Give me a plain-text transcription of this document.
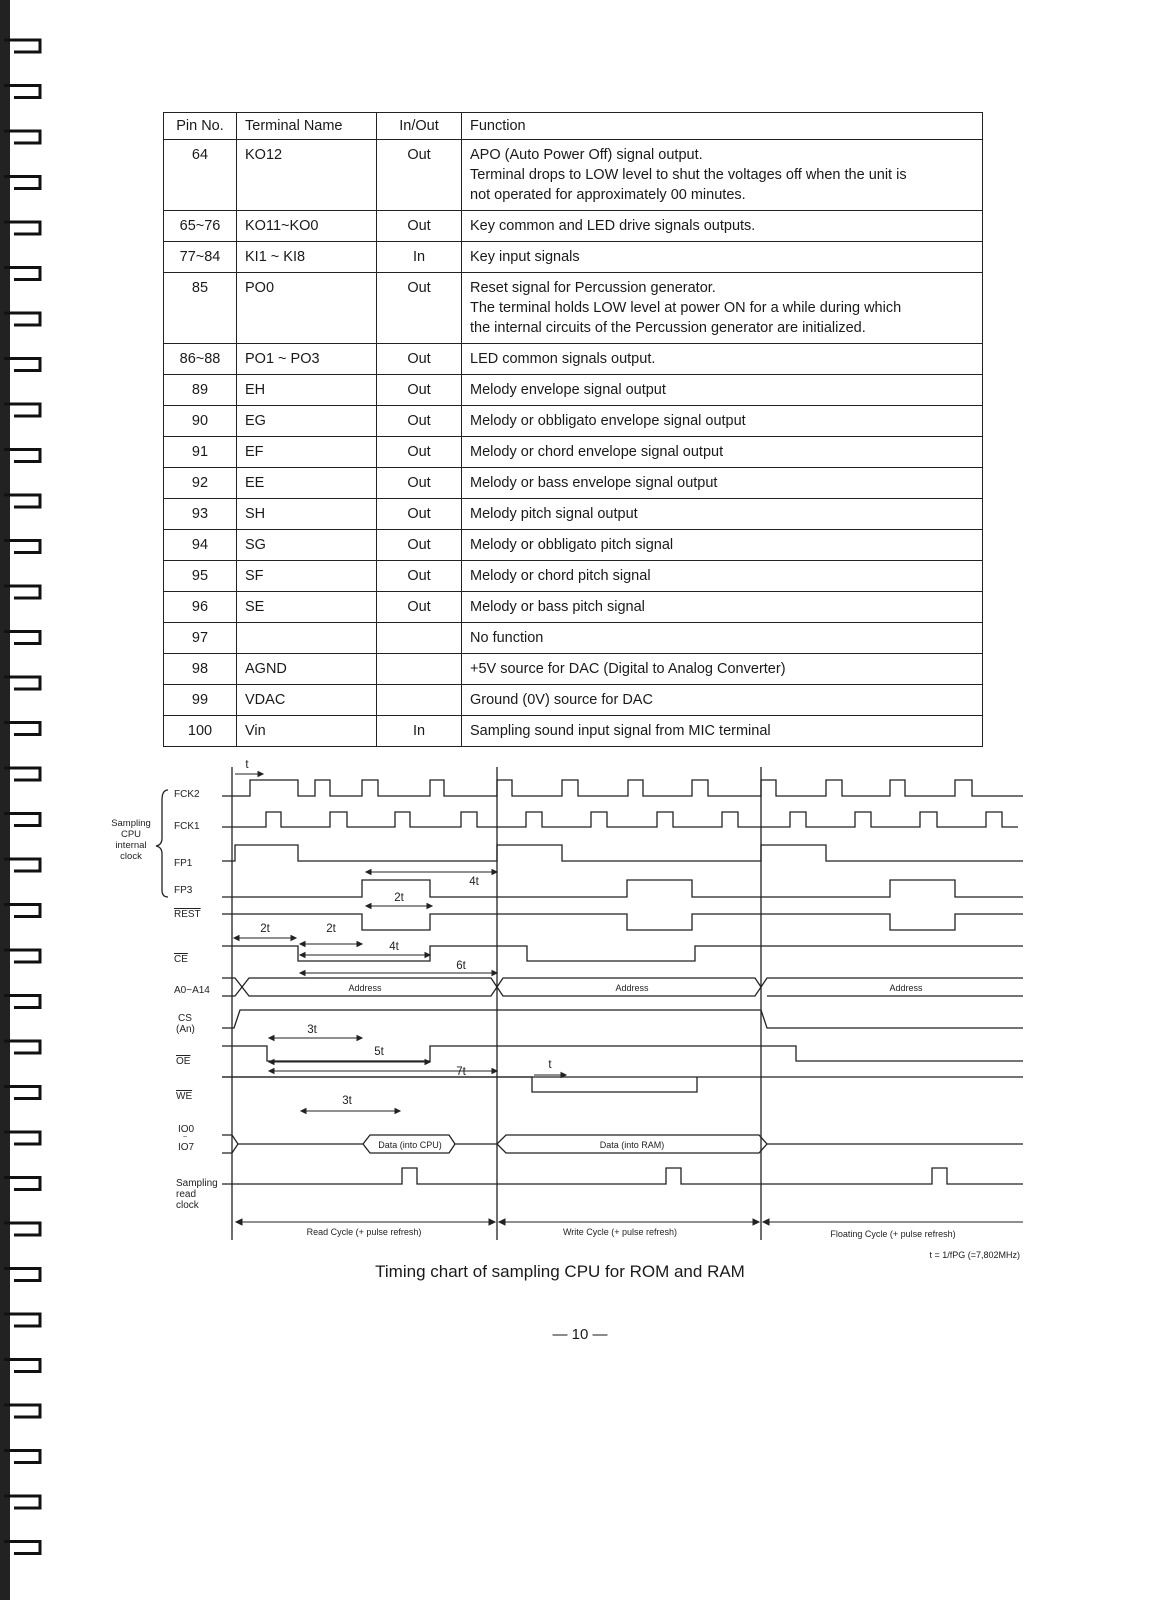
Pin No.	Terminal Name	In/Out	Function
64	KO12	Out	APO (Auto Power Off) signal output.
Terminal drops to LOW level to shut the voltages off when the unit is
not operated for approximately 00 minutes.

65~76	KO11~KO0	Out	Key common and LED drive signals outputs.

77~84	KI1 ~ KI8	In	Key input signals

85	PO0	Out	Reset signal for Percussion generator.
The terminal holds LOW level at power ON for a while during which
the internal circuits of the Percussion generator are initialized.

86~88	PO1 ~ PO3	Out	LED common signals output.

89	EH	Out	Melody envelope signal output

90	EG	Out	Melody or obbligato envelope signal output

91	EF	Out	Melody or chord envelope signal output

92	EE	Out	Melody or bass envelope signal output

93	SH	Out	Melody pitch signal output

94	SG	Out	Melody or obbligato pitch signal

95	SF	Out	Melody or chord pitch signal

96	SE	Out	Melody or bass pitch signal

97			No function

98	AGND		+5V source for DAC (Digital to Analog Converter)

99	VDAC		Ground (0V) source for DAC

100	Vin	In	Sampling sound input signal from MIC terminal
Sampling
CPU
internal
clock
FCK2
FCK1
FP1
FP3
REST
CE
A0~A14
CS
(An)
OE
WE
IO0
~
IO7
Sampling
read
clock
Address	Address	Address
Data (into CPU)	Data (into RAM)
t
4t
2t
2t	2t
4t
6t
3t
5t
7t
t
3t
Read Cycle (+ pulse refresh)	Write Cycle (+ pulse refresh)	Floating Cycle (+ pulse refresh)
t = 1/fPG (=7,802MHz)
Timing chart of sampling CPU for ROM and RAM
— 10 —
